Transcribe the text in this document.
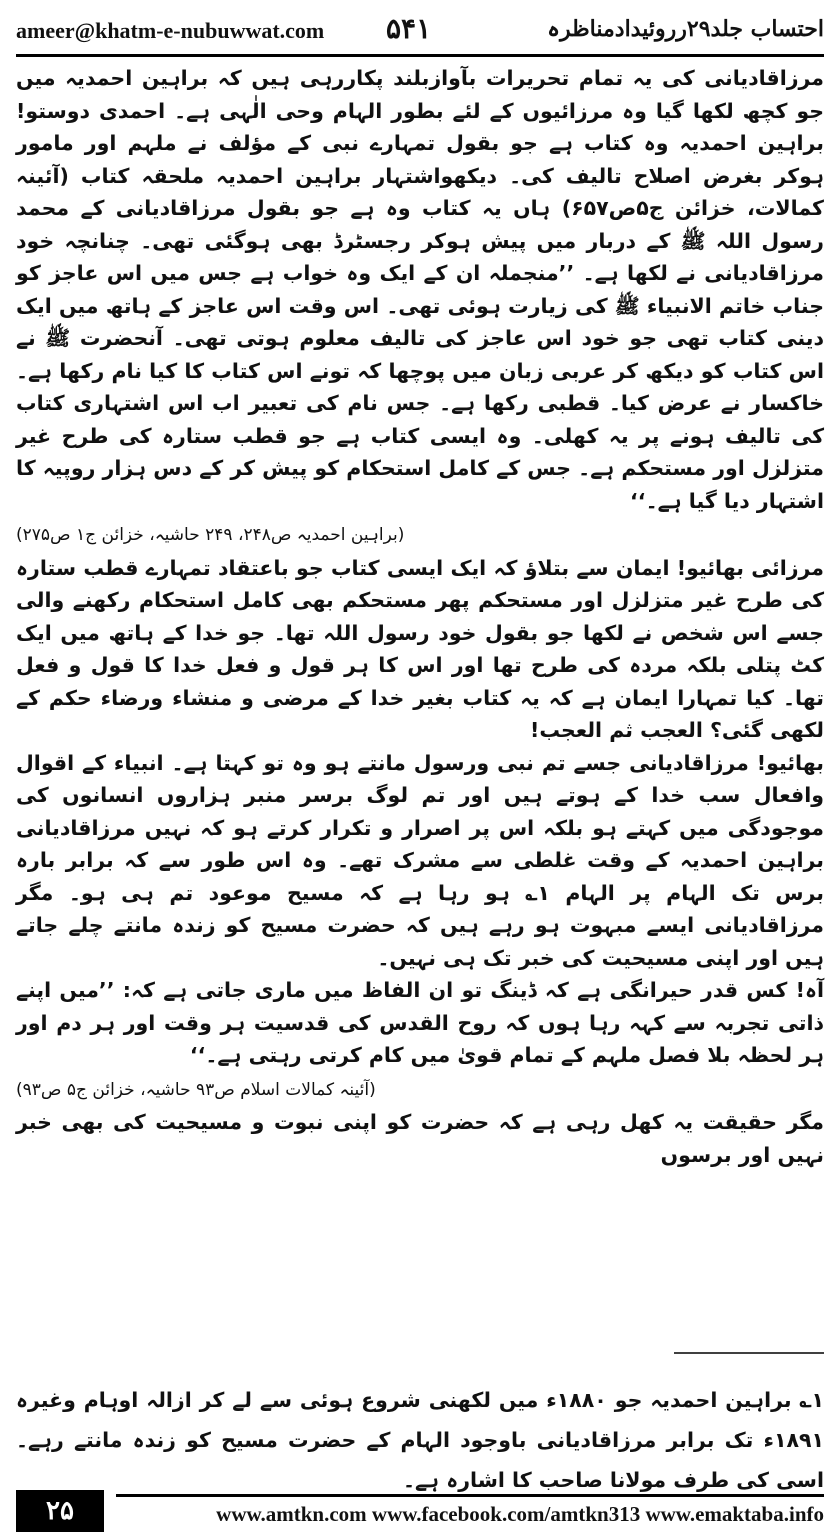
ameer@khatm-e-nubuwwat.com ۵۴۱	احتساب جلد۲۹رروئیدادمناظرہ

مرزاقادیانی کی یہ تمام تحریرات بآوازبلند پکاررہی ہیں کہ براہین احمدیہ میں جو کچھ لکھا گیا وہ مرزائیوں کے لئے بطور الہام وحی الٰہی ہے۔ احمدی دوستو! براہین احمدیہ وہ کتاب ہے جو بقول تمہارے نبی کے مؤلف نے ملہم اور مامور ہوکر بغرض اصلاح تالیف کی۔ دیکھواشتہار براہین احمدیہ ملحقہ کتاب (آئینہ کمالات، خزائن ج۵ص۶۵۷) ہاں یہ کتاب وہ ہے جو بقول مرزاقادیانی کے محمد رسول اللہ ﷺ کے دربار میں پیش ہوکر رجسٹرڈ بھی ہوگئی تھی۔ چنانچہ خود مرزاقادیانی نے لکھا ہے۔ ’’منجملہ ان کے ایک وہ خواب ہے جس میں اس عاجز کو جناب خاتم الانبیاء ﷺ کی زیارت ہوئی تھی۔ اس وقت اس عاجز کے ہاتھ میں ایک دینی کتاب تھی جو خود اس عاجز کی تالیف معلوم ہوتی تھی۔ آنحضرت ﷺ نے اس کتاب کو دیکھ کر عربی زبان میں پوچھا کہ تونے اس کتاب کا کیا نام رکھا ہے۔ خاکسار نے عرض کیا۔ قطبی رکھا ہے۔ جس نام کی تعبیر اب اس اشتہاری کتاب کی تالیف ہونے پر یہ کھلی۔ وہ ایسی کتاب ہے جو قطب ستارہ کی طرح غیر متزلزل اور مستحکم ہے۔ جس کے کامل استحکام کو پیش کر کے دس ہزار روپیہ کا اشتہار دیا گیا ہے۔‘‘

(براہین احمدیہ ص۲۴۸، ۲۴۹ حاشیہ، خزائن ج۱ ص۲۷۵)

مرزائی بھائیو! ایمان سے بتلاؤ کہ ایک ایسی کتاب جو باعتقاد تمہارے قطب ستارہ کی طرح غیر متزلزل اور مستحکم پھر مستحکم بھی کامل استحکام رکھنے والی جسے اس شخص نے لکھا جو بقول خود رسول اللہ تھا۔ جو خدا کے ہاتھ میں ایک کٹ پتلی بلکہ مردہ کی طرح تھا اور اس کا ہر قول و فعل خدا کا قول و فعل تھا۔ کیا تمہارا ایمان ہے کہ یہ کتاب بغیر خدا کے مرضی و منشاء ورضاء حکم کے لکھی گئی؟ العجب ثم العجب!

بھائیو! مرزاقادیانی جسے تم نبی ورسول مانتے ہو وہ تو کہتا ہے۔ انبیاء کے اقوال وافعال سب خدا کے ہوتے ہیں اور تم لوگ برسر منبر ہزاروں انسانوں کی موجودگی میں کہتے ہو بلکہ اس پر اصرار و تکرار کرتے ہو کہ نہیں مرزاقادیانی براہین احمدیہ کے وقت غلطی سے مشرک تھے۔ وہ اس طور سے کہ برابر بارہ برس تک الہام پر الہام ۱؎ ہو رہا ہے کہ مسیح موعود تم ہی ہو۔ مگر مرزاقادیانی ایسے مبہوت ہو رہے ہیں کہ حضرت مسیح کو زندہ مانتے چلے جاتے ہیں اور اپنی مسیحیت کی خبر تک ہی نہیں۔

آہ! کس قدر حیرانگی ہے کہ ڈینگ تو ان الفاظ میں ماری جاتی ہے کہ: ’’میں اپنے ذاتی تجربہ سے کہہ رہا ہوں کہ روح القدس کی قدسیت ہر وقت اور ہر دم اور ہر لحظہ بلا فصل ملہم کے تمام قویٰ میں کام کرتی رہتی ہے۔‘‘

(آئینہ کمالات اسلام ص۹۳ حاشیہ، خزائن ج۵ ص۹۳)

مگر حقیقت یہ کھل رہی ہے کہ حضرت کو اپنی نبوت و مسیحیت کی بھی خبر نہیں اور برسوں

۱؎ براہین احمدیہ جو ۱۸۸۰ء میں لکھنی شروع ہوئی سے لے کر ازالہ اوہام وغیرہ ۱۸۹۱ء تک برابر مرزاقادیانی باوجود الہام کے حضرت مسیح کو زندہ مانتے رہے۔ اسی کی طرف مولانا صاحب کا اشارہ ہے۔
۲۵	www.amtkn.com www.facebook.com/amtkn313 www.emaktaba.info
